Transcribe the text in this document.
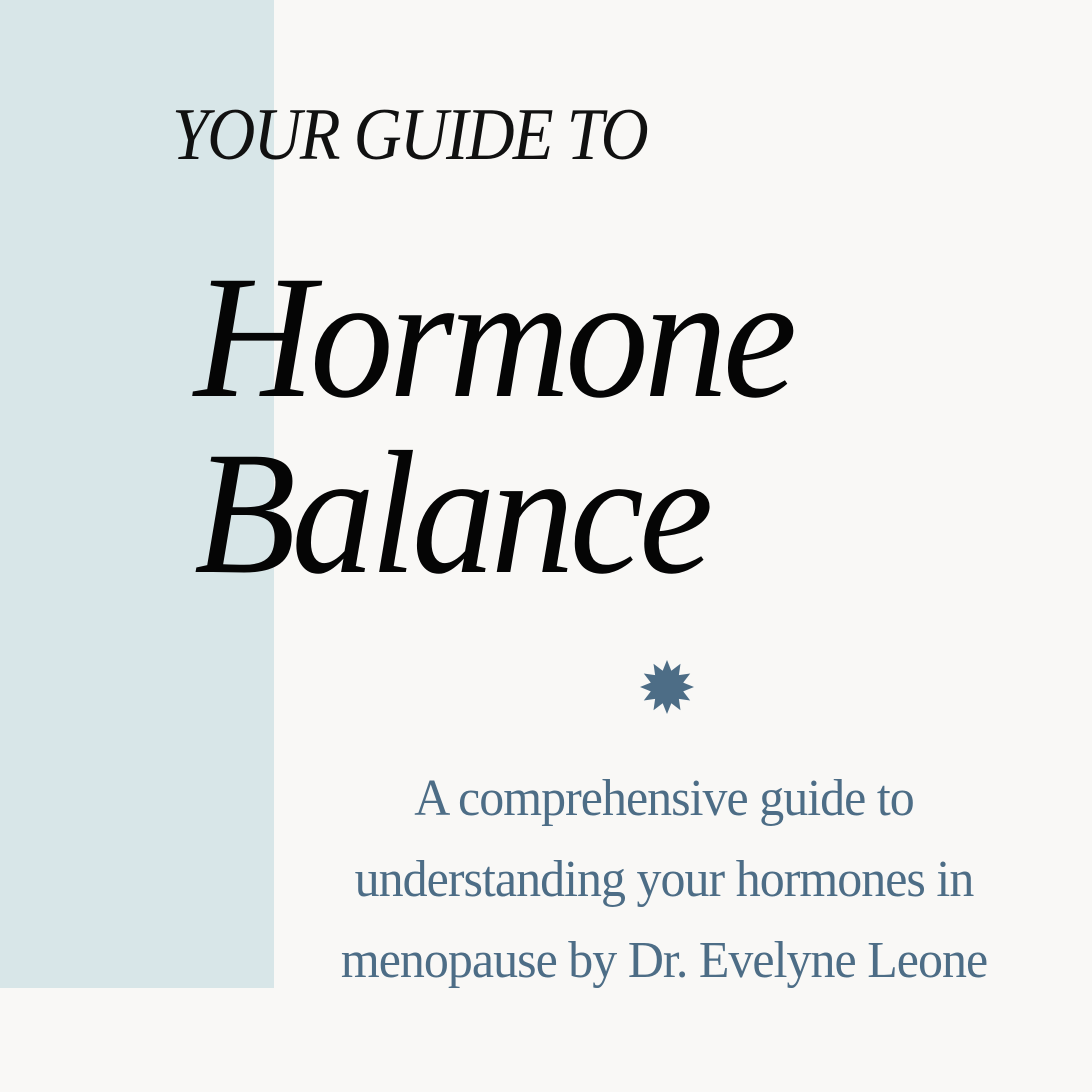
YOUR GUIDE TO
Hormone
Balance

A comprehensive guide to understanding your hormones in menopause by Dr. Evelyne Leone
